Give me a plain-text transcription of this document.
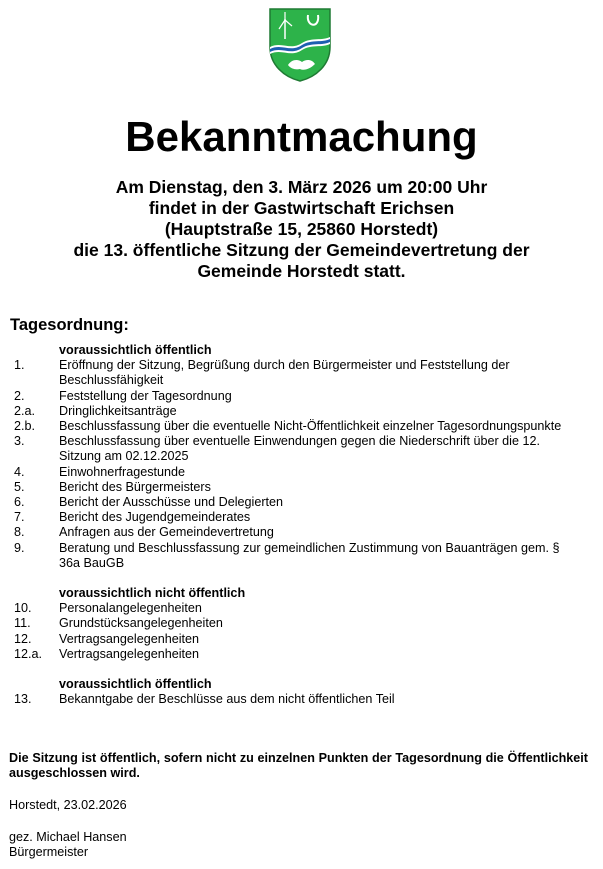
Bekanntmachung
Am Dienstag, den 3. März 2026 um 20:00 Uhr
findet in der Gastwirtschaft Erichsen
(Hauptstraße 15, 25860 Horstedt)
die 13. öffentliche Sitzung der Gemeindevertretung der
Gemeinde Horstedt statt.
Tagesordnung:
voraussichtlich öffentlich
1.	Eröffnung der Sitzung, Begrüßung durch den Bürgermeister und Feststellung der Beschlussfähigkeit
2.	Feststellung der Tagesordnung
2.a.	Dringlichkeitsanträge
2.b.	Beschlussfassung über die eventuelle Nicht-Öffentlichkeit einzelner Tagesordnungspunkte
3.	Beschlussfassung über eventuelle Einwendungen gegen die Niederschrift über die 12. Sitzung am 02.12.2025
4.	Einwohnerfragestunde
5.	Bericht des Bürgermeisters
6.	Bericht der Ausschüsse und Delegierten
7.	Bericht des Jugendgemeinderates
8.	Anfragen aus der Gemeindevertretung
9.	Beratung und Beschlussfassung zur gemeindlichen Zustimmung von Bauanträgen gem. § 36a BauGB
voraussichtlich nicht öffentlich
10.	Personalangelegenheiten
11.	Grundstücksangelegenheiten
12.	Vertragsangelegenheiten
12.a.	Vertragsangelegenheiten
voraussichtlich öffentlich
13.	Bekanntgabe der Beschlüsse aus dem nicht öffentlichen Teil
Die Sitzung ist öffentlich, sofern nicht zu einzelnen Punkten der Tagesordnung die Öffentlichkeit ausgeschlossen wird.
Horstedt, 23.02.2026
gez. Michael Hansen
Bürgermeister
